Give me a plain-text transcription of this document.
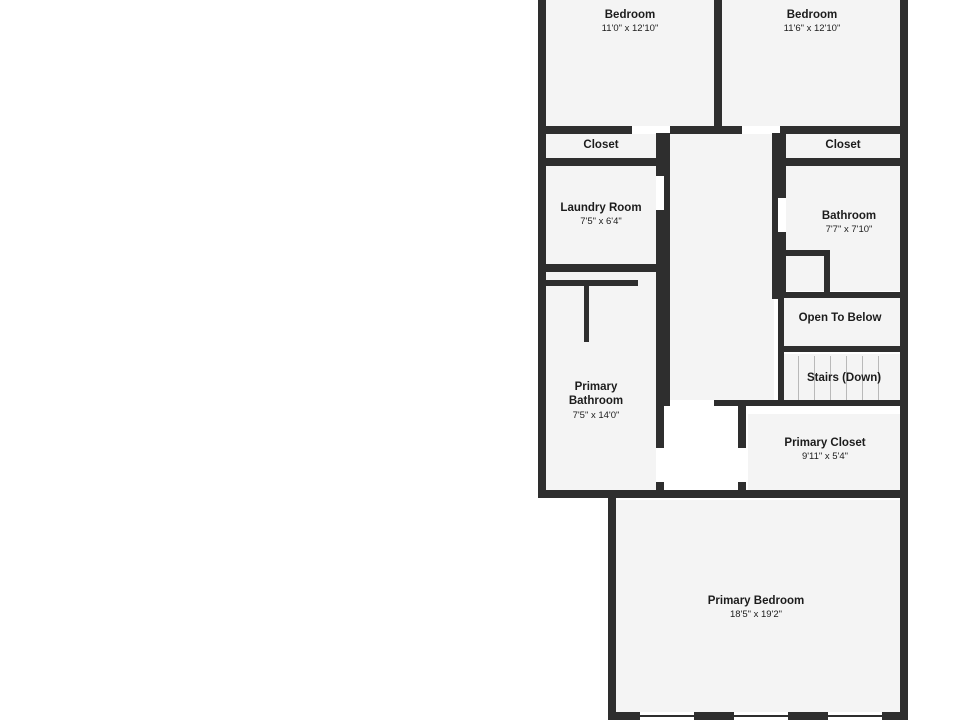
Bedroom
11'0" x 12'10"
Bedroom
11'6" x 12'10"
Closet	Closet
Laundry Room
7'5" x 6'4"	Bathroom
7'7" x 7'10"
Open To Below
Stairs (Down)
Primary
Bathroom
7'5" x 14'0"
Primary Closet
9'11" x 5'4"
Primary Bedroom
18'5" x 19'2"
